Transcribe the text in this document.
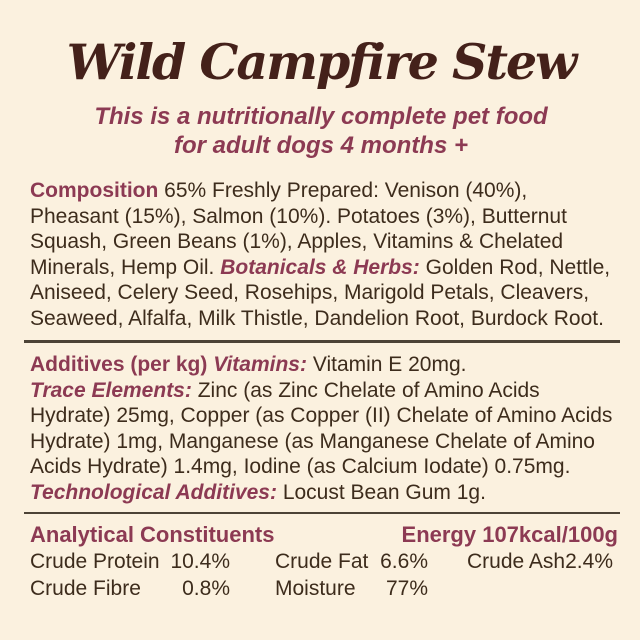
Wild Campfire Stew
This is a nutritionally complete pet food
for adult dogs 4 months +

Composition 65% Freshly Prepared: Venison (40%), Pheasant (15%), Salmon (10%). Potatoes (3%), Butternut Squash, Green Beans (1%), Apples, Vitamins & Chelated Minerals, Hemp Oil. Botanicals & Herbs: Golden Rod, Nettle, Aniseed, Celery Seed, Rosehips, Marigold Petals, Cleavers, Seaweed, Alfalfa, Milk Thistle, Dandelion Root, Burdock Root.

Additives (per kg) Vitamins: Vitamin E 20mg.
Trace Elements: Zinc (as Zinc Chelate of Amino Acids Hydrate) 25mg, Copper (as Copper (II) Chelate of Amino Acids Hydrate) 1mg, Manganese (as Manganese Chelate of Amino Acids Hydrate) 1.4mg, Iodine (as Calcium Iodate) 0.75mg.
Technological Additives: Locust Bean Gum 1g.

Analytical Constituents	Energy 107kcal/100g
Crude Protein 10.4% Crude Fat 6.6% Crude Ash 2.4%
Crude Fibre 0.8% Moisture 77%
